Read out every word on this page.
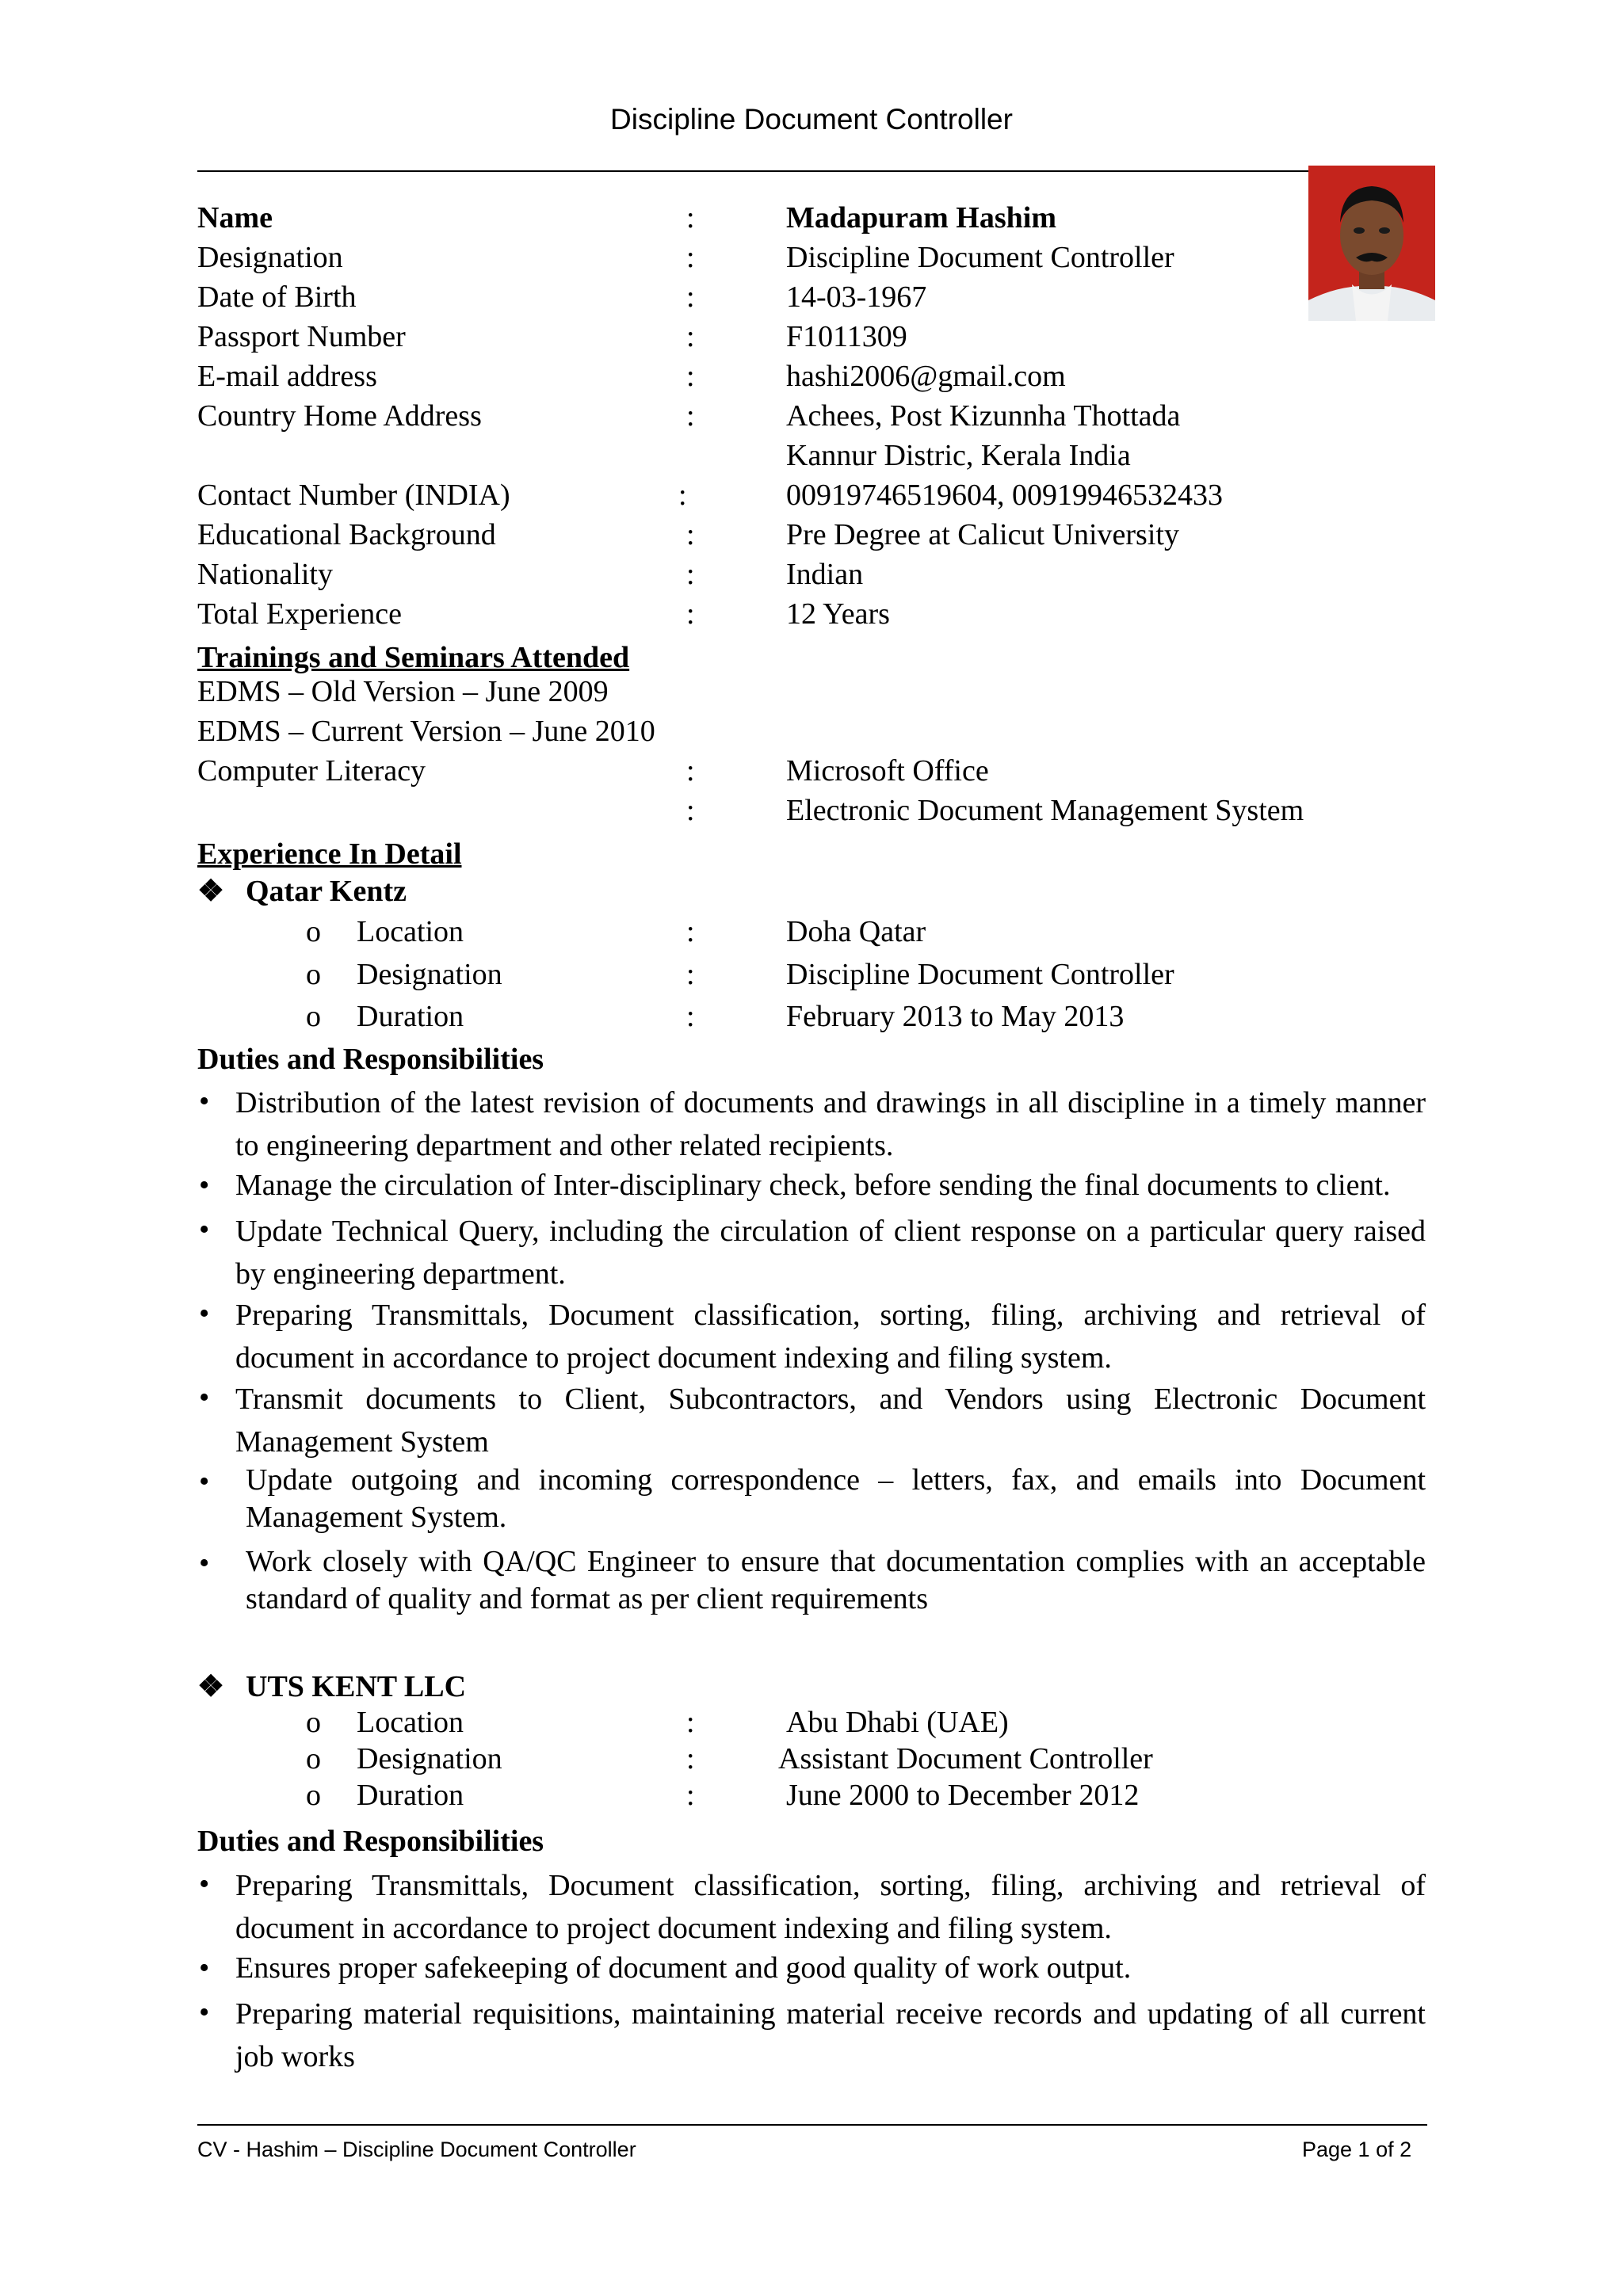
Discipline Document Controller
Name	:	Madapuram Hashim
Designation	:	Discipline Document Controller
Date of Birth	:	14-03-1967
Passport Number	:	F1011309
E-mail address	:	hashi2006@gmail.com
Country Home Address	:	Achees, Post Kizunnha Thottada
Kannur Distric, Kerala India
Contact Number (INDIA)	:	00919746519604, 00919946532433
Educational Background	:	Pre Degree at Calicut University
Nationality	:	Indian
Total Experience	:	12 Years
Trainings and Seminars Attended
EDMS – Old Version – June 2009
EDMS – Current Version – June 2010
Computer Literacy	:	Microsoft Office
:	Electronic Document Management System
Experience In Detail
❖ Qatar Kentz
o Location	:	Doha Qatar
o Designation	:	Discipline Document Controller
o Duration	:	February 2013 to May 2013
Duties and Responsibilities
• Distribution of the latest revision of documents and drawings in all discipline in a timely manner to engineering department and other related recipients.
• Manage the circulation of Inter-disciplinary check, before sending the final documents to client.
• Update Technical Query, including the circulation of client response on a particular query raised by engineering department.
• Preparing Transmittals, Document classification, sorting, filing, archiving and retrieval of document in accordance to project document indexing and filing system.
• Transmit documents to Client, Subcontractors, and Vendors using Electronic Document Management System
• Update outgoing and incoming correspondence – letters, fax, and emails into Document Management System.
• Work closely with QA/QC Engineer to ensure that documentation complies with an acceptable standard of quality and format as per client requirements
❖ UTS KENT LLC
o Location	:	Abu Dhabi (UAE)
o Designation	:	Assistant Document Controller
o Duration	:	June 2000 to December 2012
Duties and Responsibilities
• Preparing Transmittals, Document classification, sorting, filing, archiving and retrieval of document in accordance to project document indexing and filing system.
• Ensures proper safekeeping of document and good quality of work output.
• Preparing material requisitions, maintaining material receive records and updating of all current job works
CV - Hashim – Discipline Document Controller	Page 1 of 2
